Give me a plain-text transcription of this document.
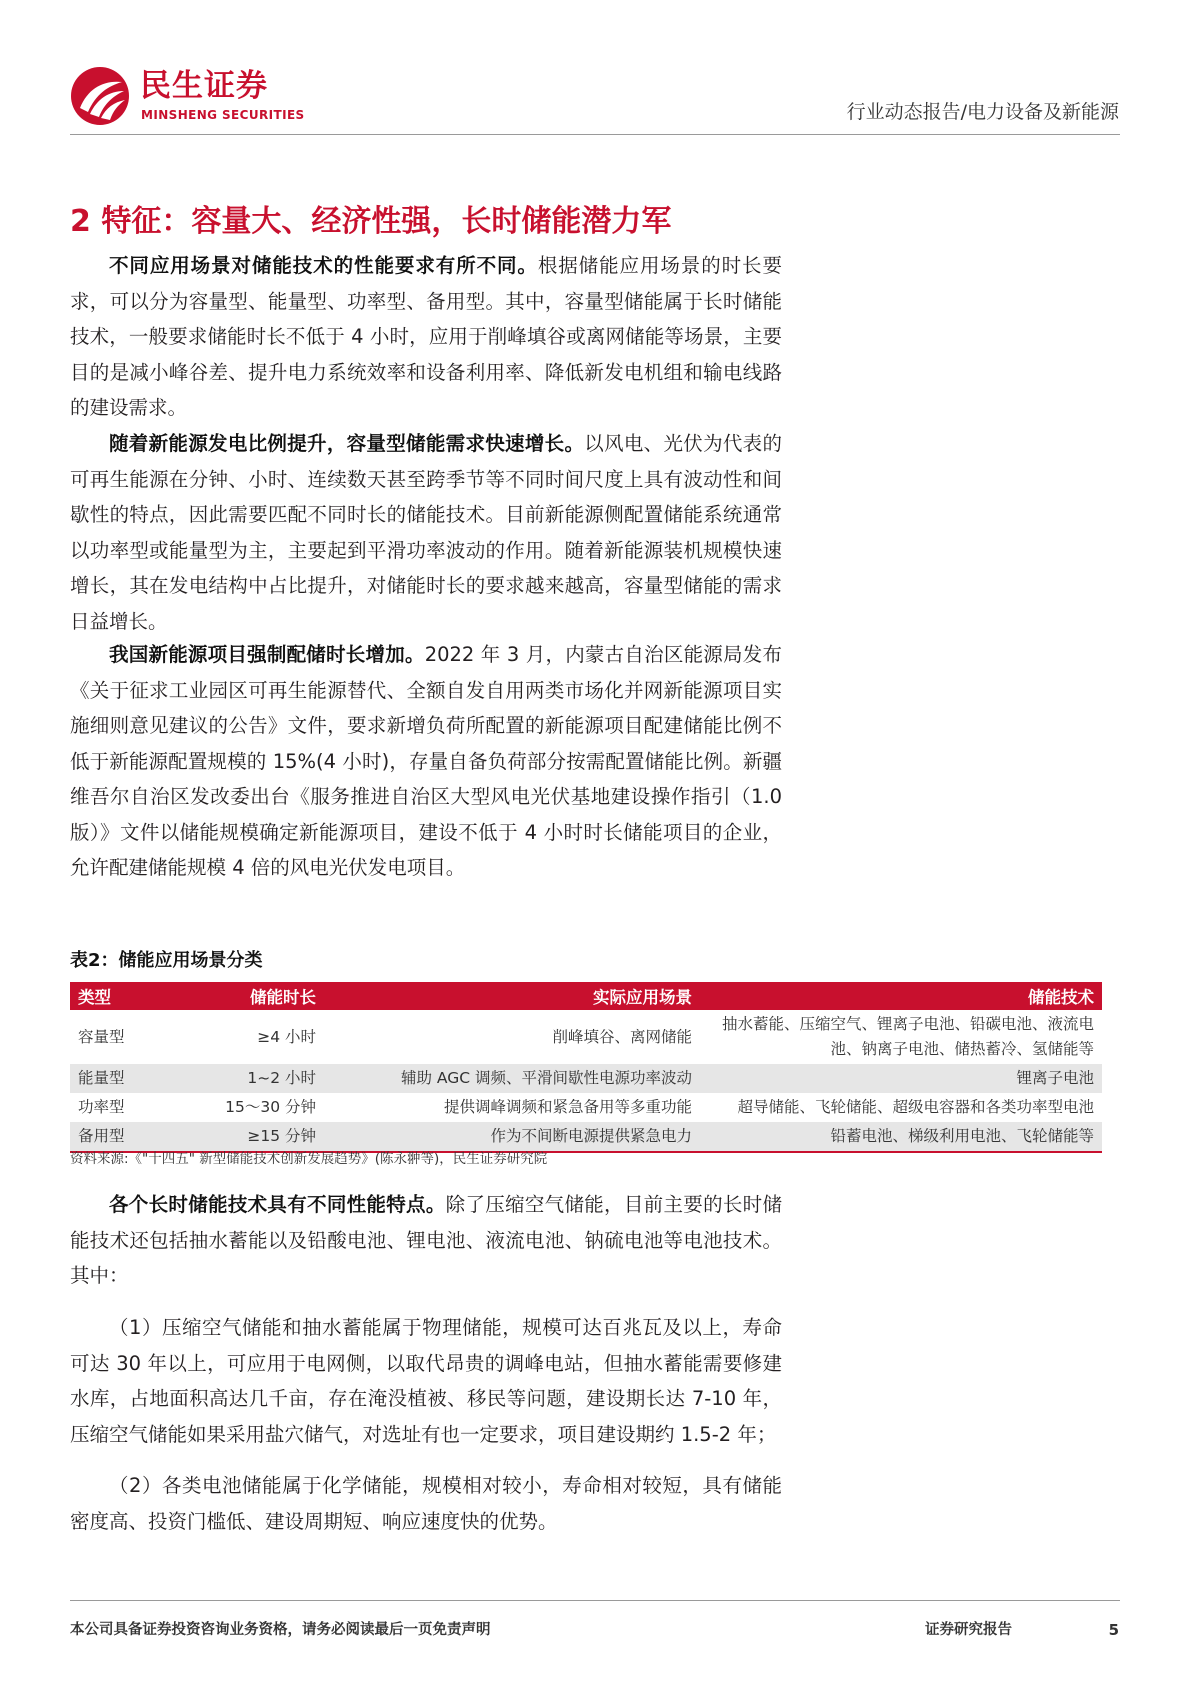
民生证券
MINSHENG SECURITIES	行业动态报告/电力设备及新能源
2 特征：容量大、经济性强，长时储能潜力军

不同应用场景对储能技术的性能要求有所不同。根据储能应用场景的时长要求，可以分为容量型、能量型、功率型、备用型。其中，容量型储能属于长时储能技术，一般要求储能时长不低于 4 小时，应用于削峰填谷或离网储能等场景，主要目的是减小峰谷差、提升电力系统效率和设备利用率、降低新发电机组和输电线路的建设需求。

随着新能源发电比例提升，容量型储能需求快速增长。以风电、光伏为代表的可再生能源在分钟、小时、连续数天甚至跨季节等不同时间尺度上具有波动性和间歇性的特点，因此需要匹配不同时长的储能技术。目前新能源侧配置储能系统通常以功率型或能量型为主，主要起到平滑功率波动的作用。随着新能源装机规模快速增长，其在发电结构中占比提升，对储能时长的要求越来越高，容量型储能的需求日益增长。

我国新能源项目强制配储时长增加。2022 年 3 月，内蒙古自治区能源局发布《关于征求工业园区可再生能源替代、全额自发自用两类市场化并网新能源项目实施细则意见建议的公告》文件，要求新增负荷所配置的新能源项目配建储能比例不低于新能源配置规模的 15%(4 小时)，存量自备负荷部分按需配置储能比例。新疆维吾尔自治区发改委出台《服务推进自治区大型风电光伏基地建设操作指引（1.0 版）》文件以储能规模确定新能源项目，建设不低于 4 小时时长储能项目的企业，允许配建储能规模 4 倍的风电光伏发电项目。

表2：储能应用场景分类
类型	储能时长	实际应用场景	储能技术
容量型	≥4 小时	削峰填谷、离网储能	抽水蓄能、压缩空气、锂离子电池、铅碳电池、液流电池、钠离子电池、储热蓄冷、氢储能等
能量型	1~2 小时	辅助 AGC 调频、平滑间歇性电源功率波动	锂离子电池
功率型	15～30 分钟	提供调峰调频和紧急备用等多重功能	超导储能、飞轮储能、超级电容器和各类功率型电池
备用型	≥15 分钟	作为不间断电源提供紧急电力	铅蓄电池、梯级利用电池、飞轮储能等
资料来源:《"十四五" 新型储能技术创新发展趋势》(陈永翀等)，民生证券研究院

各个长时储能技术具有不同性能特点。除了压缩空气储能，目前主要的长时储能技术还包括抽水蓄能以及铅酸电池、锂电池、液流电池、钠硫电池等电池技术。其中：

（1）压缩空气储能和抽水蓄能属于物理储能，规模可达百兆瓦及以上，寿命可达 30 年以上，可应用于电网侧，以取代昂贵的调峰电站，但抽水蓄能需要修建水库，占地面积高达几千亩，存在淹没植被、移民等问题，建设期长达 7-10 年，压缩空气储能如果采用盐穴储气，对选址有也一定要求，项目建设期约 1.5-2 年；

（2）各类电池储能属于化学储能，规模相对较小，寿命相对较短，具有储能密度高、投资门槛低、建设周期短、响应速度快的优势。

本公司具备证券投资咨询业务资格，请务必阅读最后一页免责声明	证券研究报告	5
